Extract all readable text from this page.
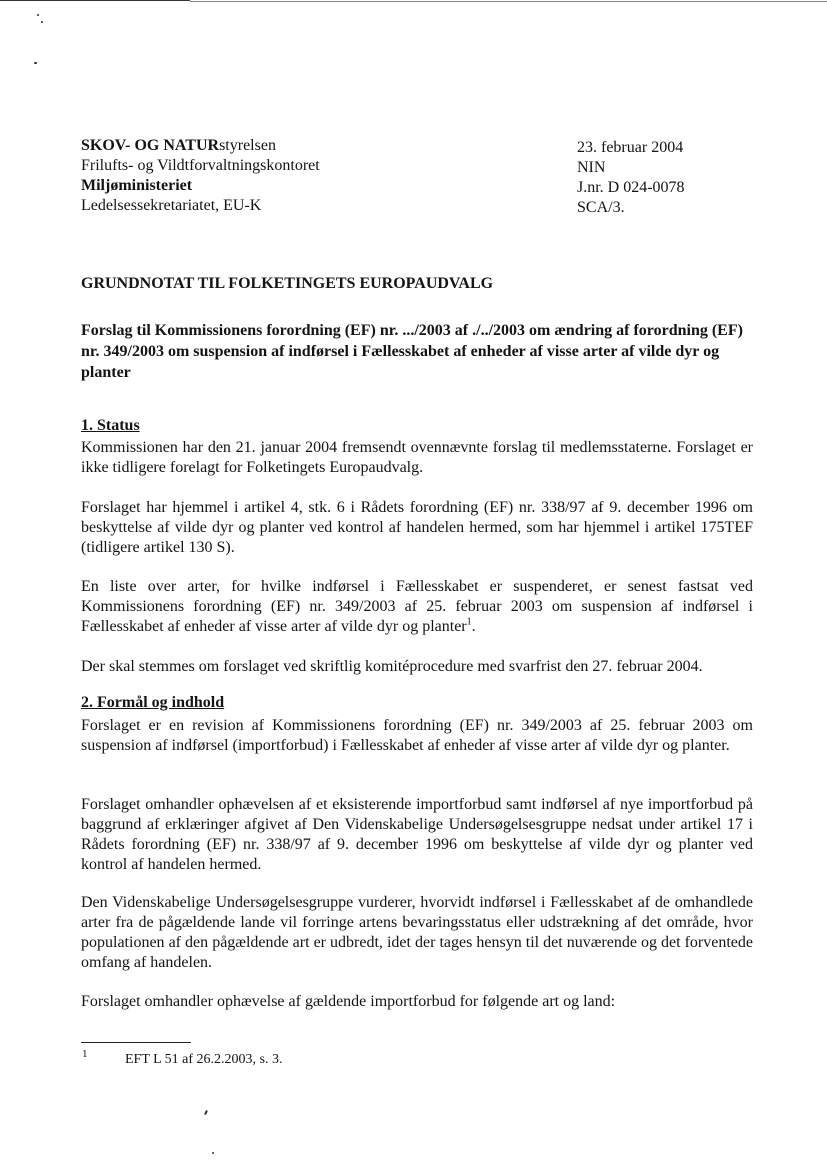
SKOV- OG NATURstyrelsen
Frilufts- og Vildtforvaltningskontoret
Miljøministeriet
Ledelsessekretariatet, EU-K
23. februar 2004
NIN
J.nr. D 024-0078
SCA/3.
GRUNDNOTAT TIL FOLKETINGETS EUROPAUDVALG
Forslag til Kommissionens forordning (EF) nr. .../2003 af ./../2003 om ændring af forordning (EF) nr. 349/2003 om suspension af indførsel i Fællesskabet af enheder af visse arter af vilde dyr og planter
1. Status
Kommissionen har den 21. januar 2004 fremsendt ovennævnte forslag til medlemsstaterne. Forslaget er ikke tidligere forelagt for Folketingets Europaudvalg.
Forslaget har hjemmel i artikel 4, stk. 6 i Rådets forordning (EF) nr. 338/97 af 9. december 1996 om beskyttelse af vilde dyr og planter ved kontrol af handelen hermed, som har hjemmel i artikel 175TEF (tidligere artikel 130 S).
En liste over arter, for hvilke indførsel i Fællesskabet er suspenderet, er senest fastsat ved Kommissionens forordning (EF) nr. 349/2003 af 25. februar 2003 om suspension af indførsel i Fællesskabet af enheder af visse arter af vilde dyr og planter$^1$.
Der skal stemmes om forslaget ved skriftlig komitéprocedure med svarfrist den 27. februar 2004.
2. Formål og indhold
Forslaget er en revision af Kommissionens forordning (EF) nr. 349/2003 af 25. februar 2003 om suspension af indførsel (importforbud) i Fællesskabet af enheder af visse arter af vilde dyr og planter.
Forslaget omhandler ophævelsen af et eksisterende importforbud samt indførsel af nye importforbud på baggrund af erklæringer afgivet af Den Videnskabelige Undersøgelsesgruppe nedsat under artikel 17 i Rådets forordning (EF) nr. 338/97 af 9. december 1996 om beskyttelse af vilde dyr og planter ved kontrol af handelen hermed.
Den Videnskabelige Undersøgelsesgruppe vurderer, hvorvidt indførsel i Fællesskabet af de omhandlede arter fra de pågældende lande vil forringe artens bevaringsstatus eller udstrækning af det område, hvor populationen af den pågældende art er udbredt, idet der tages hensyn til det nuværende og det forventede omfang af handelen.
Forslaget omhandler ophævelse af gældende importforbud for følgende art og land:
1	EFT L 51 af 26.2.2003, s. 3.
